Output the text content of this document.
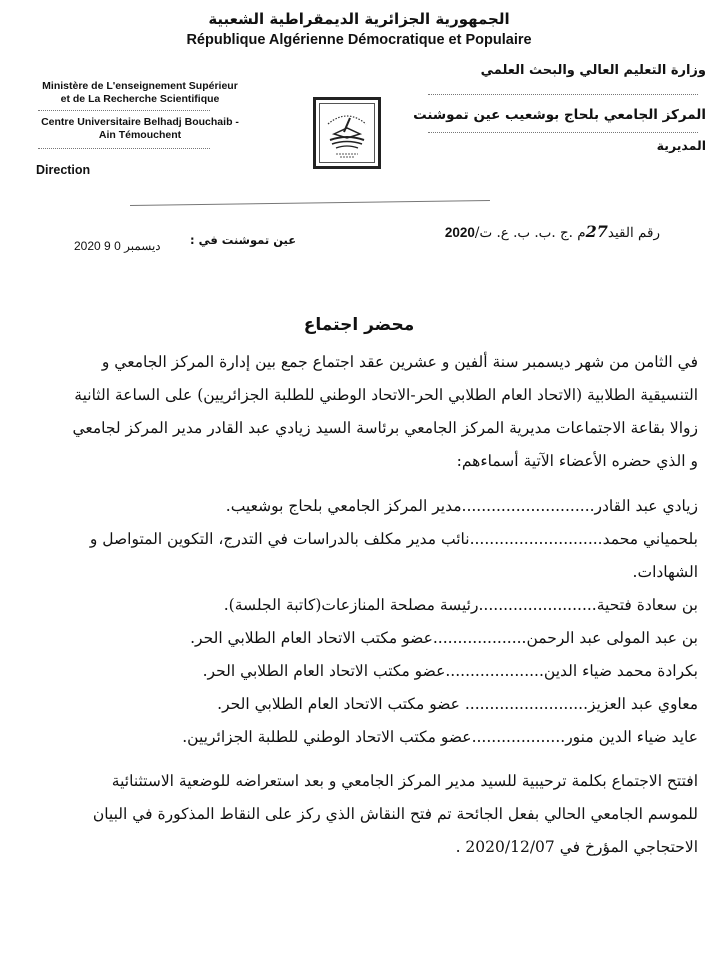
الجمهورية الجزائرية الديمقراطية الشعبية
République Algérienne Démocratique et Populaire
Ministère de L'enseignement Supérieur
et de La Recherche Scientifique
Centre Universitaire Belhadj Bouchaib -
Ain Témouchent
Direction
وزارة التعليم العالي والبحث العلمي
المركز الجامعي بلحاج بوشعيب عين تموشنت
المديرية
رقم القيد27م .ج .ب. ب. ع. ت/2020
عين تموشنت في :
2020 ديسمبر 0 9
محضر اجتماع
في الثامن من شهر ديسمبر سنة ألفين و عشرين عقد اجتماع جمع بين إدارة المركز الجامعي و
التنسيقية الطلابية (الاتحاد العام الطلابي الحر-الاتحاد الوطني للطلبة الجزائريين) على الساعة الثانية
زوالا بقاعة الاجتماعات مديرية المركز الجامعي برئاسة السيد زيادي عبد القادر مدير المركز لجامعي
و الذي حضره الأعضاء الآتية أسماءهم:
زيادي عبد القادر...........................مدير المركز الجامعي بلحاج بوشعيب.
بلحمياني محمد...........................نائب مدير مكلف بالدراسات في التدرج، التكوين المتواصل و الشهادات.
بن سعادة فتحية........................رئيسة مصلحة المنازعات(كاتبة الجلسة).
بن عبد المولى عبد الرحمن...................عضو مكتب الاتحاد العام الطلابي الحر.
بكرادة محمد ضياء الدين....................عضو مكتب الاتحاد العام الطلابي الحر.
معاوي عبد العزيز......................... عضو مكتب الاتحاد العام الطلابي الحر.
عايد ضياء الدين منور...................عضو مكتب الاتحاد الوطني للطلبة الجزائريين.
افتتح الاجتماع بكلمة ترحيبية للسيد مدير المركز الجامعي و بعد استعراضه للوضعية الاستثنائية
للموسم الجامعي الحالي بفعل الجائحة تم فتح النقاش الذي ركز على النقاط المذكورة في البيان
الاحتجاجي المؤرخ في 2020/12/07 .
